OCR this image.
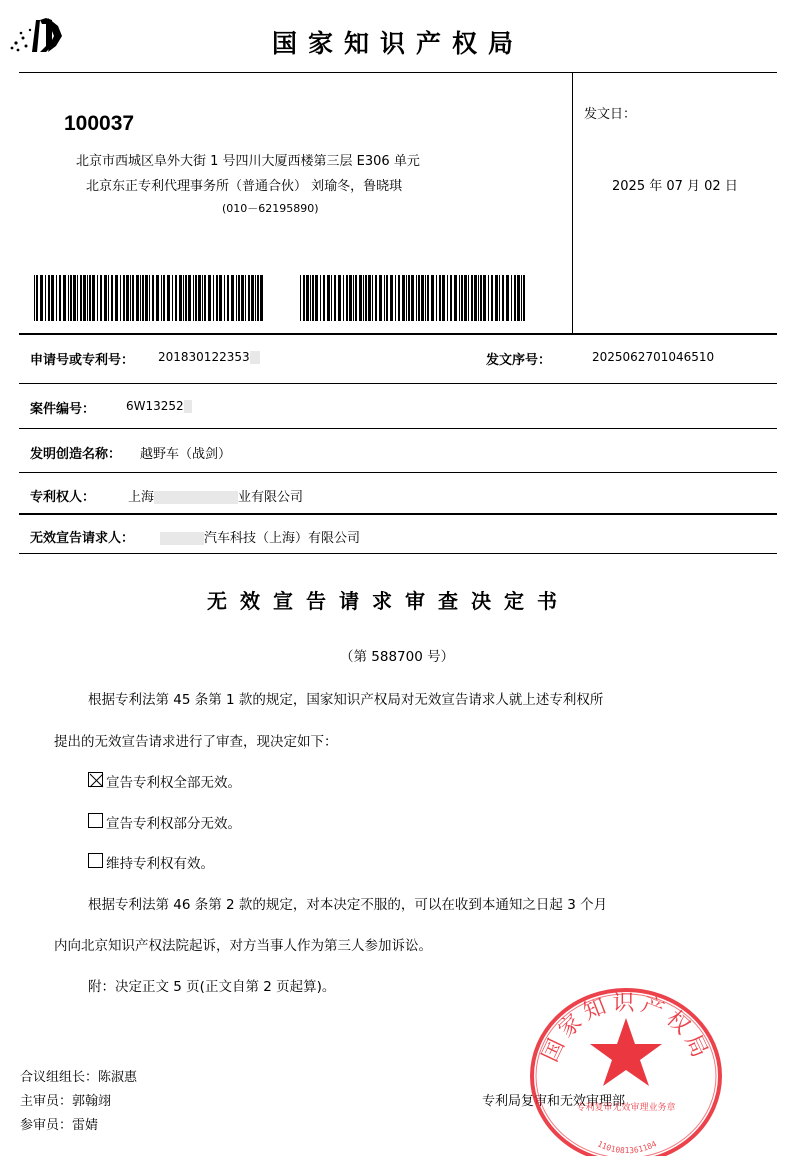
国家知识产权局
100037
北京市西城区阜外大街 1 号四川大厦西楼第三层 E306 单元
北京东正专利代理事务所（普通合伙） 刘瑜冬，鲁晓琪
(010－62195890)
发文日：
2025 年 07 月 02 日
申请号或专利号： 201830122353	发文序号：	2025062701046510
案件编号：	6W13252
发明创造名称： 越野车（战剑）
专利权人：	上海	业有限公司
无效宣告请求人：	汽车科技（上海）有限公司
无效宣告请求审查决定书
（第 588700 号）
根据专利法第 45 条第 1 款的规定，国家知识产权局对无效宣告请求人就上述专利权所
提出的无效宣告请求进行了审查，现决定如下：
宣告专利权全部无效。
宣告专利权部分无效。
维持专利权有效。
根据专利法第 46 条第 2 款的规定，对本决定不服的，可以在收到本通知之日起 3 个月
内向北京知识产权法院起诉，对方当事人作为第三人参加诉讼。
附：决定正文 5 页(正文自第 2 页起算)。
合议组组长：陈淑惠
主审员：郭翰翊
参审员：雷婧
专利局复审和无效审理部
国家知识产权局
专利复审无效审理业务章
1101081361184
